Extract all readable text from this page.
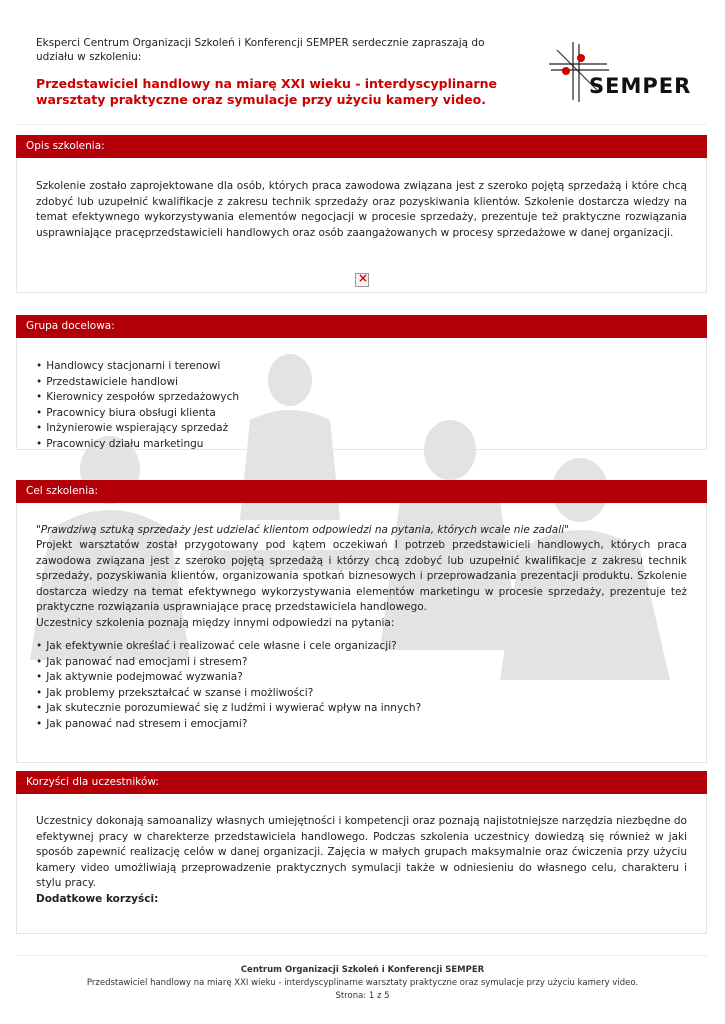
Eksperci Centrum Organizacji Szkoleń i Konferencji SEMPER serdecznie zapraszają do udziału w szkoleniu:
Przedstawiciel handlowy na miarę XXI wieku - interdyscyplinarne warsztaty praktyczne oraz symulacje przy użyciu kamery video.
SEMPER
Opis szkolenia:
Szkolenie zostało zaprojektowane dla osób, których praca zawodowa związana jest z szeroko pojętą sprzedażą i które chcą zdobyć lub uzupełnić kwalifikacje z zakresu technik sprzedaży oraz pozyskiwania klientów. Szkolenie dostarcza wiedzy na temat efektywnego wykorzystywania elementów negocjacji w procesie sprzedaży, prezentuje też praktyczne rozwiązania usprawniające pracęprzedstawicieli handlowych oraz osób zaangażowanych w procesy sprzedażowe w danej organizacji.
×
Grupa docelowa:
• Handlowcy stacjonarni i terenowi
• Przedstawiciele handlowi
• Kierownicy zespołów sprzedażowych
• Pracownicy biura obsługi klienta
• Inżynierowie wspierający sprzedaż
• Pracownicy działu marketingu
Cel szkolenia:
"Prawdziwą sztuką sprzedaży jest udzielać klientom odpowiedzi na pytania, których wcale nie zadali"
Projekt warsztatów został przygotowany pod kątem oczekiwań I potrzeb przedstawicieli handlowych, których praca zawodowa związana jest z szeroko pojętą sprzedażą i którzy chcą zdobyć lub uzupełnić kwalifikacje z zakresu technik sprzedaży, pozyskiwania klientów, organizowania spotkań biznesowych i przeprowadzania prezentacji produktu. Szkolenie dostarcza wiedzy na temat efektywnego wykorzystywania elementów marketingu w procesie sprzedaży, prezentuje też praktyczne rozwiązania usprawniające pracę przedstawiciela handlowego.
Uczestnicy szkolenia poznają między innymi odpowiedzi na pytania:
• Jak efektywnie określać i realizować cele własne i cele organizacji?
• Jak panować nad emocjami i stresem?
• Jak aktywnie podejmować wyzwania?
• Jak problemy przekształcać w szanse i możliwości?
• Jak skutecznie porozumiewać się z ludźmi i wywierać wpływ na innych?
• Jak panować nad stresem i emocjami?
Korzyści dla uczestników:
Uczestnicy dokonają samoanalizy własnych umiejętności i kompetencji oraz poznają najistotniejsze narzędzia niezbędne do efektywnej pracy w charekterze przedstawiciela handlowego. Podczas szkolenia uczestnicy dowiedzą się również w jaki sposób zapewnić realizację celów w danej organizacji. Zajęcia w małych grupach maksymalnie oraz ćwiczenia przy użyciu kamery video umożliwiają przeprowadzenie praktycznych symulacji także w odniesieniu do własnego celu, charakteru i stylu pracy.
Dodatkowe korzyści:
Centrum Organizacji Szkoleń i Konferencji SEMPER
Przedstawiciel handlowy na miarę XXI wieku - interdyscyplinarne warsztaty praktyczne oraz symulacje przy użyciu kamery video.
Strona: 1 z 5
